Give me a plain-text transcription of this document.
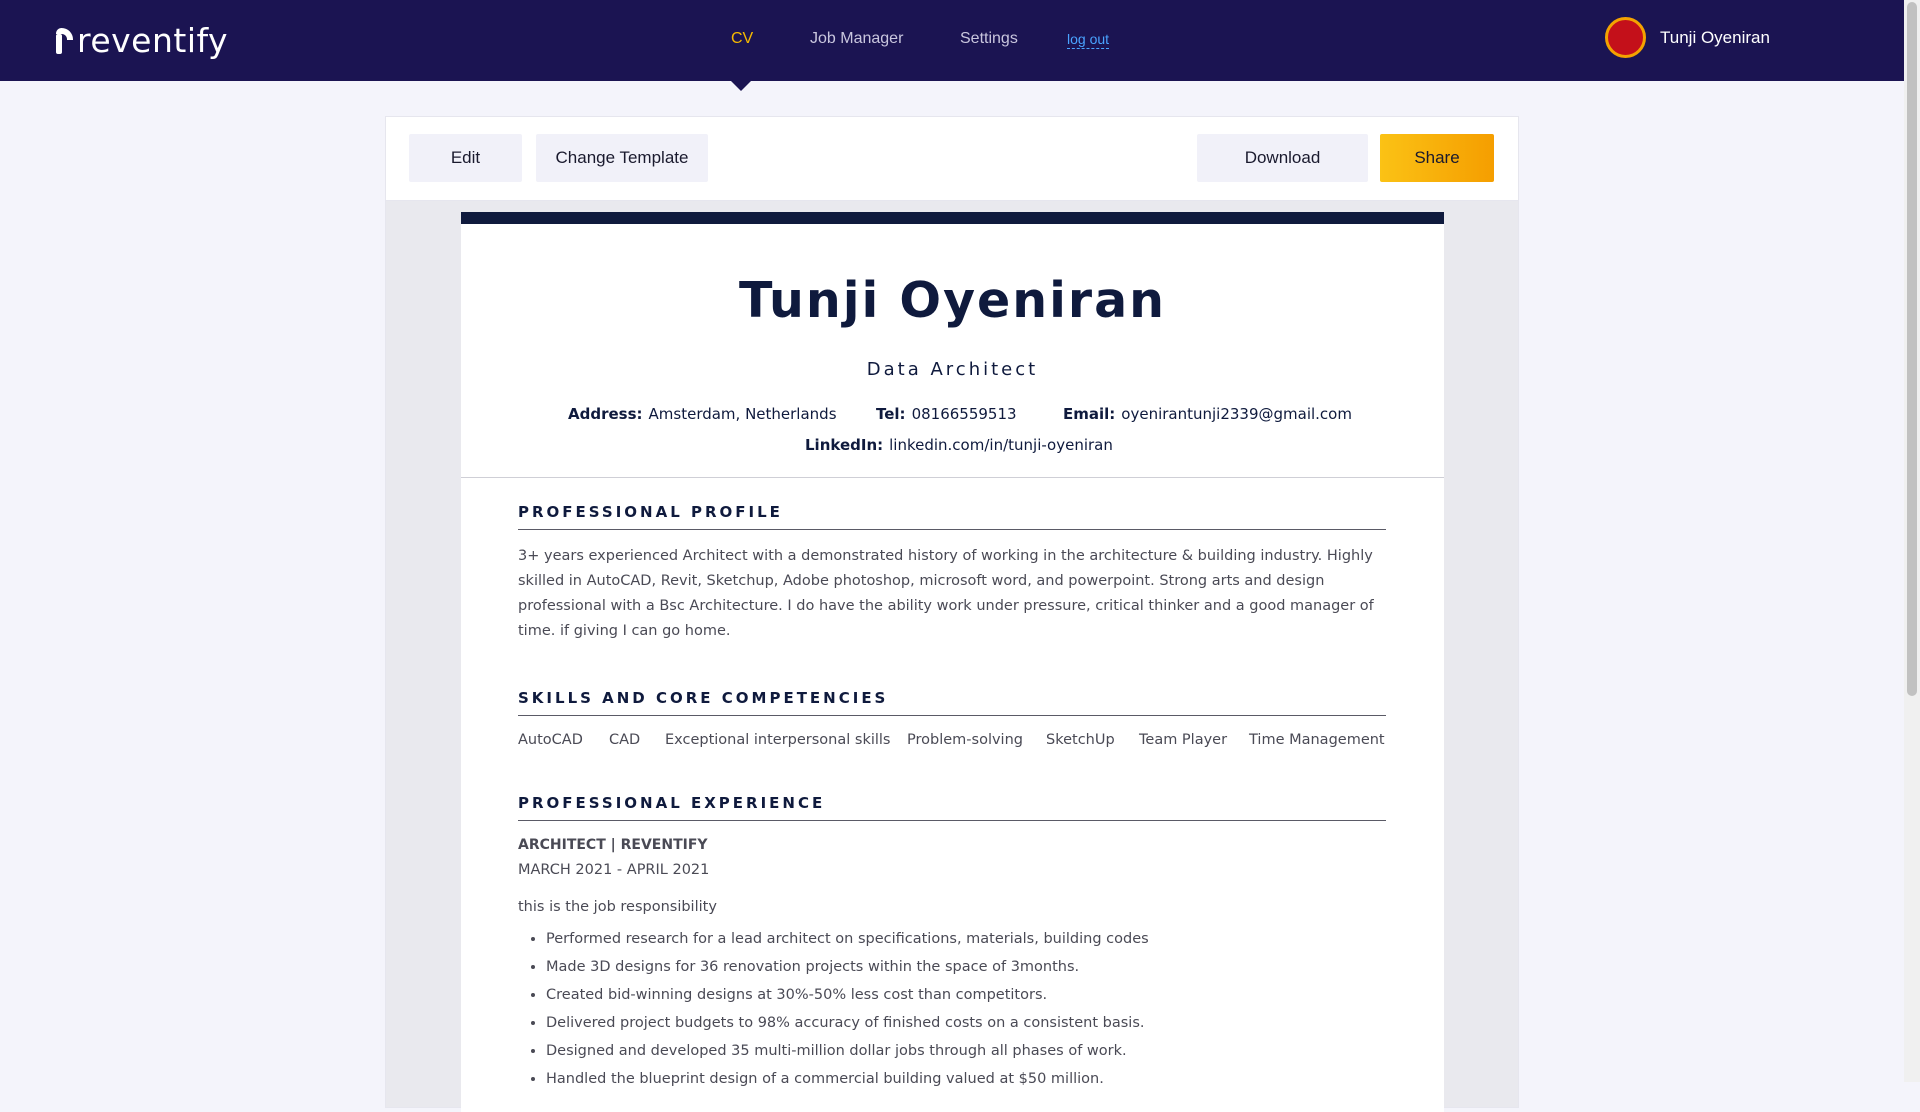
reventify	CV	Job Manager	Settings	log out	Tunji Oyeniran
Edit	Change Template	Download	Share
Tunji Oyeniran
Data Architect
Address: Amsterdam, Netherlands	Tel: 08166559513	Email: oyenirantunji2339@gmail.com
LinkedIn: linkedin.com/in/tunji-oyeniran
PROFESSIONAL PROFILE
3+ years experienced Architect with a demonstrated history of working in the architecture & building industry. Highly skilled in AutoCAD, Revit, Sketchup, Adobe photoshop, microsoft word, and powerpoint. Strong arts and design professional with a Bsc Architecture. I do have the ability work under pressure, critical thinker and a good manager of time. if giving I can go home.
SKILLS AND CORE COMPETENCIES
AutoCAD CAD Exceptional interpersonal skills Problem-solving SketchUp Team Player Time Management
PROFESSIONAL EXPERIENCE
ARCHITECT | REVENTIFY
MARCH 2021 - APRIL 2021
this is the job responsibility
• Performed research for a lead architect on specifications, materials, building codes
• Made 3D designs for 36 renovation projects within the space of 3months.
• Created bid-winning designs at 30%-50% less cost than competitors.
• Delivered project budgets to 98% accuracy of finished costs on a consistent basis.
• Designed and developed 35 multi-million dollar jobs through all phases of work.
• Handled the blueprint design of a commercial building valued at $50 million.
